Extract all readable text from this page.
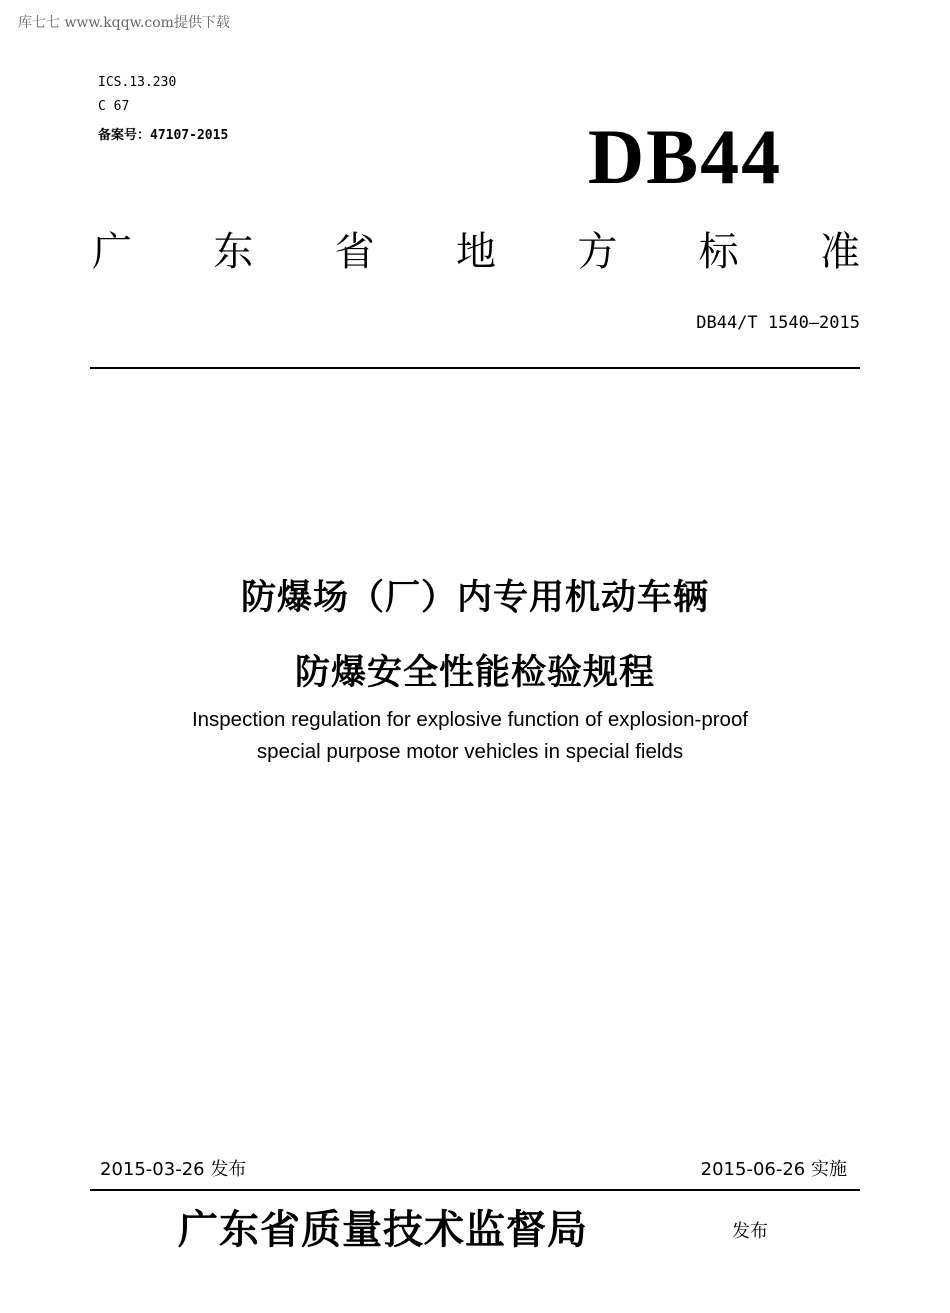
库七七 www.kqqw.com提供下载
ICS.13.230
C 67
备案号：47107-2015	DB44
广 东 省 地 方 标 准
DB44/T 1540—2015
防爆场（厂）内专用机动车辆
防爆安全性能检验规程
Inspection regulation for explosive function of explosion-proof
special purpose motor vehicles in special fields
2015-03-26 发布	2015-06-26 实施
广东省质量技术监督局	发布
